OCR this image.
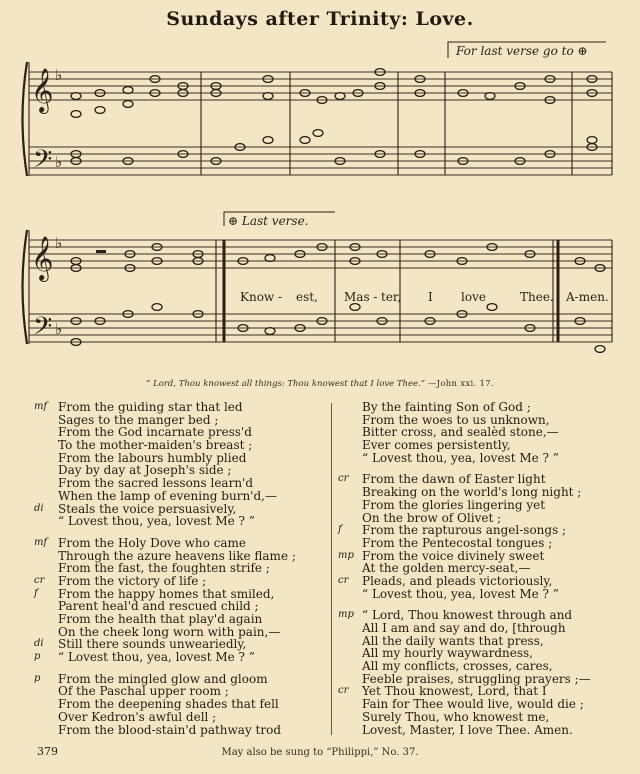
Sundays after Trinity: Love.
𝄞
𝄢
♭
♭
𝄞
𝄢
♭
♭
For last verse go to ⊕
⊕ Last verse.
Know - est, Mas - ter, I love	Thee. A-men.
“ Lord, Thou knowest all things: Thou knowest that I love Thee.” —John xxi. 17.
mf From the guiding star that led
Sages to the manger bed ;
From the God incarnate press'd
To the mother-maiden's breast ;
From the labours humbly plied
Day by day at Joseph's side ;
From the sacred lessons learn'd
When the lamp of evening burn'd,—
di Steals the voice persuasively,
“ Lovest thou, yea, lovest Me ? ”
mf From the Holy Dove who came
Through the azure heavens like flame ;
From the fast, the foughten strife ;
cr From the victory of life ;
f From the happy homes that smiled,
Parent heal'd and rescued child ;
From the health that play'd again
On the cheek long worn with pain,—
di Still there sounds unweariedly,
p “ Lovest thou, yea, lovest Me ? ”
p From the mingled glow and gloom
Of the Paschal upper room ;
From the deepening shades that fell
Over Kedron's awful dell ;
From the blood-stain'd pathway trod
By the fainting Son of God ;
From the woes to us unknown,
Bitter cross, and sealèd stone,—
Ever comes persistently,
“ Lovest thou, yea, lovest Me ? ”
cr From the dawn of Easter light
Breaking on the world's long night ;
From the glories lingering yet
On the brow of Olivet ;
f From the rapturous angel-songs ;
From the Pentecostal tongues ;
mp From the voice divinely sweet
At the golden mercy-seat,—
cr Pleads, and pleads victoriously,
“ Lovest thou, yea, lovest Me ? ”
mp “ Lord, Thou knowest through and
All I am and say and do, [through
All the daily wants that press,
All my hourly waywardness,
All my conflicts, crosses, cares,
Feeble praises, struggling prayers ;—
cr Yet Thou knowest, Lord, that I
Fain for Thee would live, would die ;
Surely Thou, who knowest me,
Lovest, Master, I love Thee. Amen.
379	May also be sung to “Philippi,” No. 37.
